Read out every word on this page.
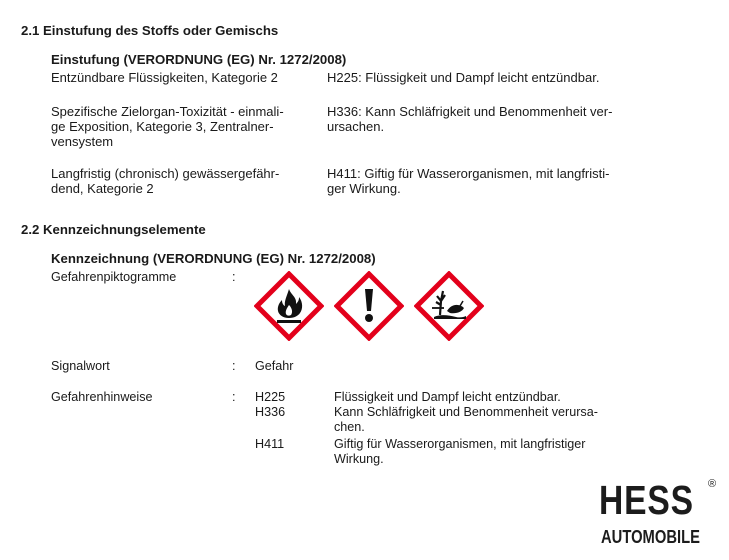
2.1 Einstufung des Stoffs oder Gemischs
Einstufung (VERORDNUNG (EG) Nr. 1272/2008)
Entzündbare Flüssigkeiten, Kategorie 2	H225: Flüssigkeit und Dampf leicht entzündbar.
Spezifische Zielorgan-Toxizität - einmali-
ge Exposition, Kategorie 3, Zentralner-
vensystem
H336: Kann Schläfrigkeit und Benommenheit ver-
ursachen.
Langfristig (chronisch) gewässergefähr-
dend, Kategorie 2
H411: Giftig für Wasserorganismen, mit langfristi-
ger Wirkung.
2.2 Kennzeichnungselemente
Kennzeichnung (VERORDNUNG (EG) Nr. 1272/2008)
Gefahrenpiktogramme	:
Signalwort	: Gefahr
Gefahrenhinweise	: H225	Flüssigkeit und Dampf leicht entzündbar.
H336	Kann Schläfrigkeit und Benommenheit verursa-
chen.
H411	Giftig für Wasserorganismen, mit langfristiger
Wirkung.
HESS ®
AUTOMOBILE
